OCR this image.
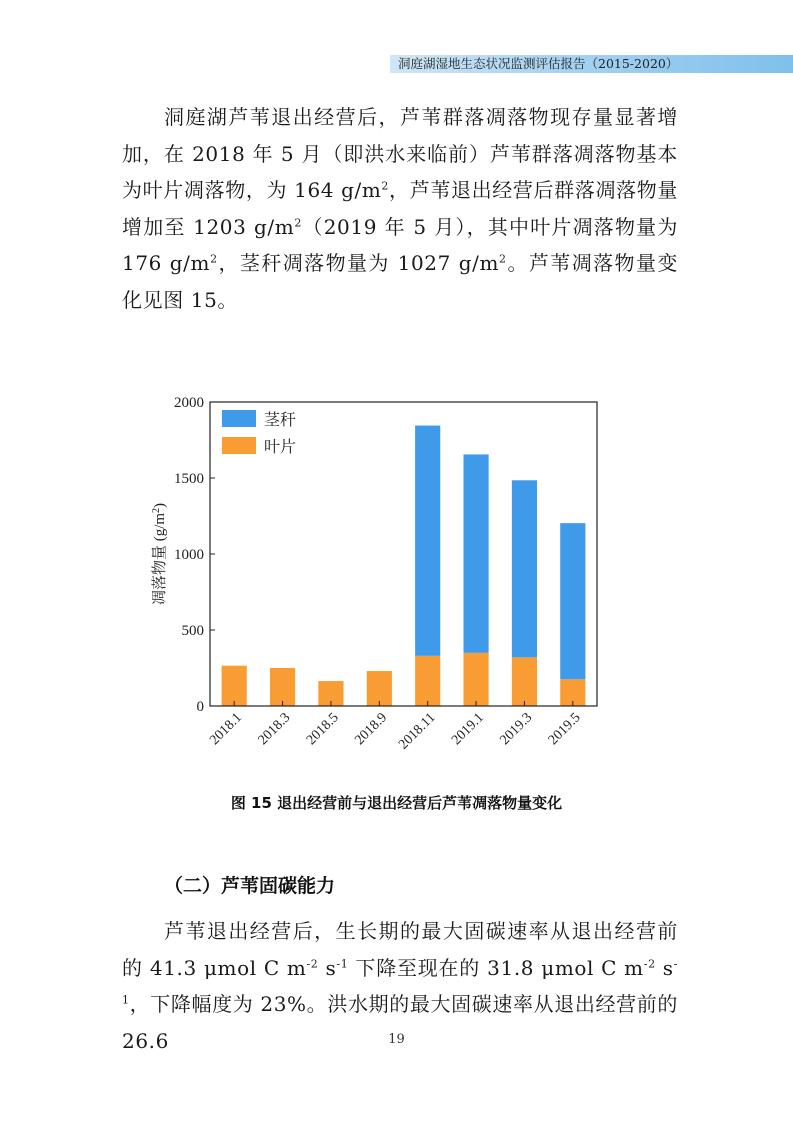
洞庭湖湿地生态状况监测评估报告（2015-2020）

洞庭湖芦苇退出经营后，芦苇群落凋落物现存量显著增加，在 2018 年 5 月（即洪水来临前）芦苇群落凋落物基本为叶片凋落物，为 164 $g/m^2$，芦苇退出经营后群落凋落物量增加至 1203 $g/m^2(2019$ 年 5 月），其中叶片凋落物量为 176 $g/m^2$，茎秆凋落物量为 1027 $g/m^2$。芦苇凋落物量变化见图 15。

0
500
1000
1500
2000
2018.1 2018.3 2018.5 2018.9 2018.11 2019.1 2019.3 2019.5
茎秆
叶片
凋落物量 $(g/m^2)$
图 15 退出经营前与退出经营后芦苇凋落物量变化
（二）芦苇固碳能力

芦苇退出经营后，生长期的最大固碳速率从退出经营前的 41.3 μmol C $m^{-2}$ $s^{-1}$ 下降至现在的 31.8 μmol C $m^{-2}$ $s^{-1}$，下降幅度为 23%。洪水期的最大固碳速率从退出经营前的 26.6	19
